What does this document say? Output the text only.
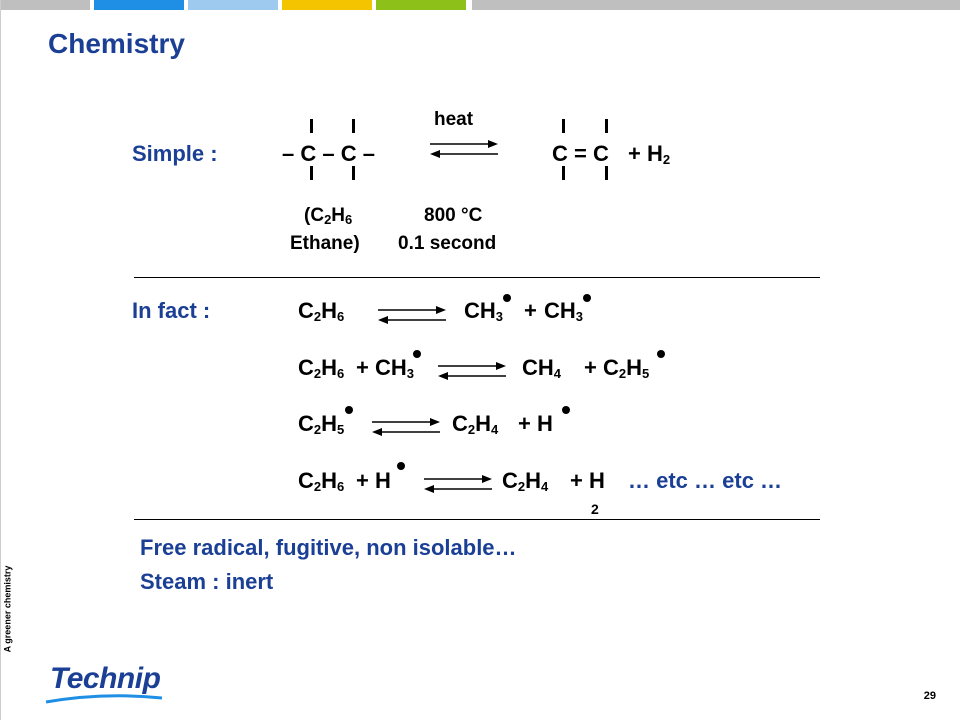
Chemistry
Simple :	– C – C –
heat
$C = C + H_2$
($C_2H_6$
Ethane)
800 °C
0.1 second
In fact :	$C_2H_6$	$CH_3 + CH_3$
$C_2H_6 + CH_3$	$CH_4 + C_2H_5$
$C_2H_5$	$C_2H_4 + H$
$C_2H_6 + H$	$C_2H_4 + H$ … etc … etc …
2
Free radical, fugitive, non isolable…
Steam : inert
A greener chemistry
Technip
29
